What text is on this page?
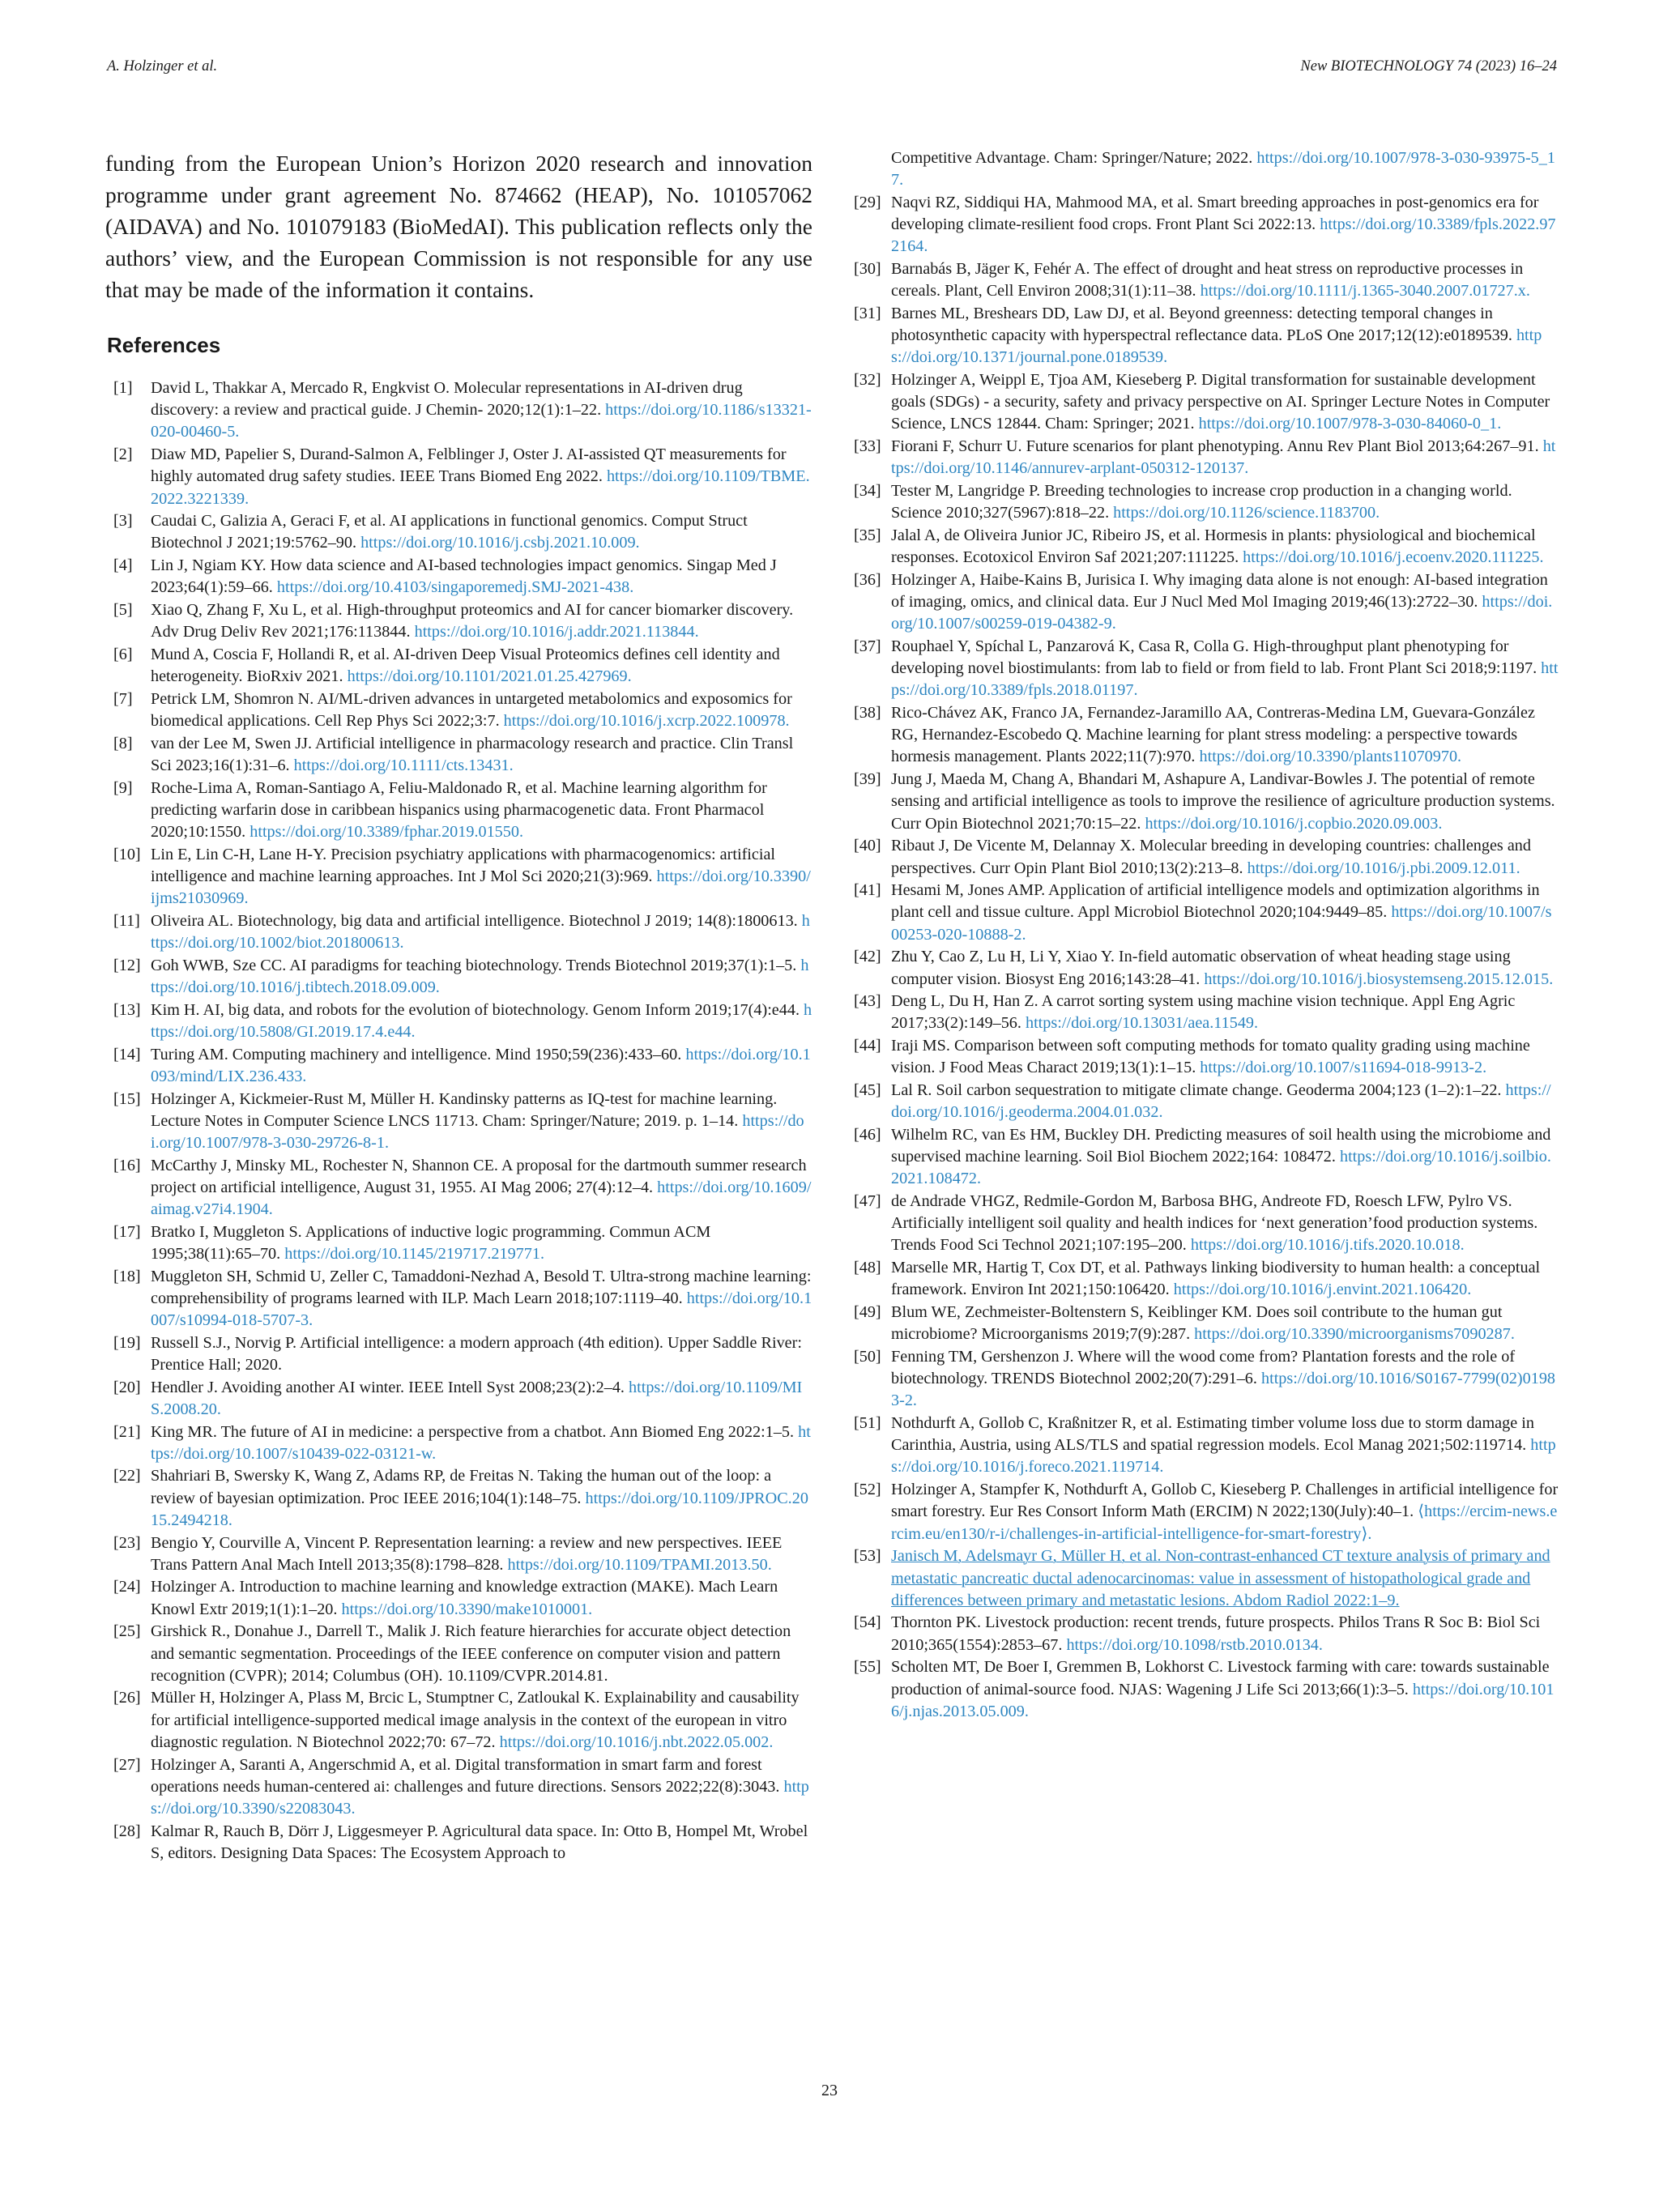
A. Holzinger et al.	New BIOTECHNOLOGY 74 (2023) 16–24

funding from the European Union’s Horizon 2020 research and innovation programme under grant agreement No. 874662 (HEAP), No. 101057062 (AIDAVA) and No. 101079183 (BioMedAI). This publication reflects only the authors’ view, and the European Commission is not responsible for any use that may be made of the information it contains.

References
[1] David L, Thakkar A, Mercado R, Engkvist O. Molecular representations in AI-driven drug discovery: a review and practical guide. J Chemin- 2020;12(1):1–22. https://doi.org/10.1186/s13321-020-00460-5.
[2] Diaw MD, Papelier S, Durand-Salmon A, Felblinger J, Oster J. AI-assisted QT measurements for highly automated drug safety studies. IEEE Trans Biomed Eng 2022. https://doi.org/10.1109/TBME.2022.3221339.
[3] Caudai C, Galizia A, Geraci F, et al. AI applications in functional genomics. Comput Struct Biotechnol J 2021;19:5762–90. https://doi.org/10.1016/j.csbj.2021.10.009.
[4] Lin J, Ngiam KY. How data science and AI-based technologies impact genomics. Singap Med J 2023;64(1):59–66. https://doi.org/10.4103/singaporemedj.SMJ-2021-438.
[5] Xiao Q, Zhang F, Xu L, et al. High-throughput proteomics and AI for cancer biomarker discovery. Adv Drug Deliv Rev 2021;176:113844. https://doi.org/10.1016/j.addr.2021.113844.
[6] Mund A, Coscia F, Hollandi R, et al. AI-driven Deep Visual Proteomics defines cell identity and heterogeneity. BioRxiv 2021. https://doi.org/10.1101/2021.01.25.427969.
[7] Petrick LM, Shomron N. AI/ML-driven advances in untargeted metabolomics and exposomics for biomedical applications. Cell Rep Phys Sci 2022;3:7. https://doi.org/10.1016/j.xcrp.2022.100978.
[8] van der Lee M, Swen JJ. Artificial intelligence in pharmacology research and practice. Clin Transl Sci 2023;16(1):31–6. https://doi.org/10.1111/cts.13431.
[9] Roche-Lima A, Roman-Santiago A, Feliu-Maldonado R, et al. Machine learning algorithm for predicting warfarin dose in caribbean hispanics using pharmacogenetic data. Front Pharmacol 2020;10:1550. https://doi.org/10.3389/fphar.2019.01550.
[10] Lin E, Lin C-H, Lane H-Y. Precision psychiatry applications with pharmacogenomics: artificial intelligence and machine learning approaches. Int J Mol Sci 2020;21(3):969. https://doi.org/10.3390/ijms21030969.
[11] Oliveira AL. Biotechnology, big data and artificial intelligence. Biotechnol J 2019; 14(8):1800613. https://doi.org/10.1002/biot.201800613.
[12] Goh WWB, Sze CC. AI paradigms for teaching biotechnology. Trends Biotechnol 2019;37(1):1–5. https://doi.org/10.1016/j.tibtech.2018.09.009.
[13] Kim H. AI, big data, and robots for the evolution of biotechnology. Genom Inform 2019;17(4):e44. https://doi.org/10.5808/GI.2019.17.4.e44.
[14] Turing AM. Computing machinery and intelligence. Mind 1950;59(236):433–60. https://doi.org/10.1093/mind/LIX.236.433.
[15] Holzinger A, Kickmeier-Rust M, Müller H. Kandinsky patterns as IQ-test for machine learning. Lecture Notes in Computer Science LNCS 11713. Cham: Springer/Nature; 2019. p. 1–14. https://doi.org/10.1007/978-3-030-29726-8-1.
[16] McCarthy J, Minsky ML, Rochester N, Shannon CE. A proposal for the dartmouth summer research project on artificial intelligence, August 31, 1955. AI Mag 2006; 27(4):12–4. https://doi.org/10.1609/aimag.v27i4.1904.
[17] Bratko I, Muggleton S. Applications of inductive logic programming. Commun ACM 1995;38(11):65–70. https://doi.org/10.1145/219717.219771.
[18] Muggleton SH, Schmid U, Zeller C, Tamaddoni-Nezhad A, Besold T. Ultra-strong machine learning: comprehensibility of programs learned with ILP. Mach Learn 2018;107:1119–40. https://doi.org/10.1007/s10994-018-5707-3.
[19] Russell S.J., Norvig P. Artificial intelligence: a modern approach (4th edition). Upper Saddle River: Prentice Hall; 2020.
[20] Hendler J. Avoiding another AI winter. IEEE Intell Syst 2008;23(2):2–4. https://doi.org/10.1109/MIS.2008.20.
[21] King MR. The future of AI in medicine: a perspective from a chatbot. Ann Biomed Eng 2022:1–5. https://doi.org/10.1007/s10439-022-03121-w.
[22] Shahriari B, Swersky K, Wang Z, Adams RP, de Freitas N. Taking the human out of the loop: a review of bayesian optimization. Proc IEEE 2016;104(1):148–75. https://doi.org/10.1109/JPROC.2015.2494218.
[23] Bengio Y, Courville A, Vincent P. Representation learning: a review and new perspectives. IEEE Trans Pattern Anal Mach Intell 2013;35(8):1798–828. https://doi.org/10.1109/TPAMI.2013.50.
[24] Holzinger A. Introduction to machine learning and knowledge extraction (MAKE). Mach Learn Knowl Extr 2019;1(1):1–20. https://doi.org/10.3390/make1010001.
[25] Girshick R., Donahue J., Darrell T., Malik J. Rich feature hierarchies for accurate object detection and semantic segmentation. Proceedings of the IEEE conference on computer vision and pattern recognition (CVPR); 2014; Columbus (OH). 10.1109/CVPR.2014.81.
[26] Müller H, Holzinger A, Plass M, Brcic L, Stumptner C, Zatloukal K. Explainability and causability for artificial intelligence-supported medical image analysis in the context of the european in vitro diagnostic regulation. N Biotechnol 2022;70: 67–72. https://doi.org/10.1016/j.nbt.2022.05.002.
[27] Holzinger A, Saranti A, Angerschmid A, et al. Digital transformation in smart farm and forest operations needs human-centered ai: challenges and future directions. Sensors 2022;22(8):3043. https://doi.org/10.3390/s22083043.
[28] Kalmar R, Rauch B, Dörr J, Liggesmeyer P. Agricultural data space. In: Otto B, Hompel Mt, Wrobel S, editors. Designing Data Spaces: The Ecosystem Approach to
Competitive Advantage. Cham: Springer/Nature; 2022. https://doi.org/10.1007/978-3-030-93975-5_17.
[29] Naqvi RZ, Siddiqui HA, Mahmood MA, et al. Smart breeding approaches in post-genomics era for developing climate-resilient food crops. Front Plant Sci 2022:13. https://doi.org/10.3389/fpls.2022.972164.
[30] Barnabás B, Jäger K, Fehér A. The effect of drought and heat stress on reproductive processes in cereals. Plant, Cell Environ 2008;31(1):11–38. https://doi.org/10.1111/j.1365-3040.2007.01727.x.
[31] Barnes ML, Breshears DD, Law DJ, et al. Beyond greenness: detecting temporal changes in photosynthetic capacity with hyperspectral reflectance data. PLoS One 2017;12(12):e0189539. https://doi.org/10.1371/journal.pone.0189539.
[32] Holzinger A, Weippl E, Tjoa AM, Kieseberg P. Digital transformation for sustainable development goals (SDGs) - a security, safety and privacy perspective on AI. Springer Lecture Notes in Computer Science, LNCS 12844. Cham: Springer; 2021. https://doi.org/10.1007/978-3-030-84060-0_1.
[33] Fiorani F, Schurr U. Future scenarios for plant phenotyping. Annu Rev Plant Biol 2013;64:267–91. https://doi.org/10.1146/annurev-arplant-050312-120137.
[34] Tester M, Langridge P. Breeding technologies to increase crop production in a changing world. Science 2010;327(5967):818–22. https://doi.org/10.1126/science.1183700.
[35] Jalal A, de Oliveira Junior JC, Ribeiro JS, et al. Hormesis in plants: physiological and biochemical responses. Ecotoxicol Environ Saf 2021;207:111225. https://doi.org/10.1016/j.ecoenv.2020.111225.
[36] Holzinger A, Haibe-Kains B, Jurisica I. Why imaging data alone is not enough: AI-based integration of imaging, omics, and clinical data. Eur J Nucl Med Mol Imaging 2019;46(13):2722–30. https://doi.org/10.1007/s00259-019-04382-9.
[37] Rouphael Y, Spíchal L, Panzarová K, Casa R, Colla G. High-throughput plant phenotyping for developing novel biostimulants: from lab to field or from field to lab. Front Plant Sci 2018;9:1197. https://doi.org/10.3389/fpls.2018.01197.
[38] Rico-Chávez AK, Franco JA, Fernandez-Jaramillo AA, Contreras-Medina LM, Guevara-González RG, Hernandez-Escobedo Q. Machine learning for plant stress modeling: a perspective towards hormesis management. Plants 2022;11(7):970. https://doi.org/10.3390/plants11070970.
[39] Jung J, Maeda M, Chang A, Bhandari M, Ashapure A, Landivar-Bowles J. The potential of remote sensing and artificial intelligence as tools to improve the resilience of agriculture production systems. Curr Opin Biotechnol 2021;70:15–22. https://doi.org/10.1016/j.copbio.2020.09.003.
[40] Ribaut J, De Vicente M, Delannay X. Molecular breeding in developing countries: challenges and perspectives. Curr Opin Plant Biol 2010;13(2):213–8. https://doi.org/10.1016/j.pbi.2009.12.011.
[41] Hesami M, Jones AMP. Application of artificial intelligence models and optimization algorithms in plant cell and tissue culture. Appl Microbiol Biotechnol 2020;104:9449–85. https://doi.org/10.1007/s00253-020-10888-2.
[42] Zhu Y, Cao Z, Lu H, Li Y, Xiao Y. In-field automatic observation of wheat heading stage using computer vision. Biosyst Eng 2016;143:28–41. https://doi.org/10.1016/j.biosystemseng.2015.12.015.
[43] Deng L, Du H, Han Z. A carrot sorting system using machine vision technique. Appl Eng Agric 2017;33(2):149–56. https://doi.org/10.13031/aea.11549.
[44] Iraji MS. Comparison between soft computing methods for tomato quality grading using machine vision. J Food Meas Charact 2019;13(1):1–15. https://doi.org/10.1007/s11694-018-9913-2.
[45] Lal R. Soil carbon sequestration to mitigate climate change. Geoderma 2004;123 (1–2):1–22. https://doi.org/10.1016/j.geoderma.2004.01.032.
[46] Wilhelm RC, van Es HM, Buckley DH. Predicting measures of soil health using the microbiome and supervised machine learning. Soil Biol Biochem 2022;164: 108472. https://doi.org/10.1016/j.soilbio.2021.108472.
[47] de Andrade VHGZ, Redmile-Gordon M, Barbosa BHG, Andreote FD, Roesch LFW, Pylro VS. Artificially intelligent soil quality and health indices for ‘next generation’food production systems. Trends Food Sci Technol 2021;107:195–200. https://doi.org/10.1016/j.tifs.2020.10.018.
[48] Marselle MR, Hartig T, Cox DT, et al. Pathways linking biodiversity to human health: a conceptual framework. Environ Int 2021;150:106420. https://doi.org/10.1016/j.envint.2021.106420.
[49] Blum WE, Zechmeister-Boltenstern S, Keiblinger KM. Does soil contribute to the human gut microbiome? Microorganisms 2019;7(9):287. https://doi.org/10.3390/microorganisms7090287.
[50] Fenning TM, Gershenzon J. Where will the wood come from? Plantation forests and the role of biotechnology. TRENDS Biotechnol 2002;20(7):291–6. https://doi.org/10.1016/S0167-7799(02)01983-2.
[51] Nothdurft A, Gollob C, Kraßnitzer R, et al. Estimating timber volume loss due to storm damage in Carinthia, Austria, using ALS/TLS and spatial regression models. Ecol Manag 2021;502:119714. https://doi.org/10.1016/j.foreco.2021.119714.
[52] Holzinger A, Stampfer K, Nothdurft A, Gollob C, Kieseberg P. Challenges in artificial intelligence for smart forestry. Eur Res Consort Inform Math (ERCIM) N 2022;130(July):40–1. ⟨https://ercim-news.ercim.eu/en130/r-i/challenges-in-artificial-intelligence-for-smart-forestry⟩.
[53] Janisch M, Adelsmayr G, Müller H, et al. Non-contrast-enhanced CT texture analysis of primary and metastatic pancreatic ductal adenocarcinomas: value in assessment of histopathological grade and differences between primary and metastatic lesions. Abdom Radiol 2022:1–9.
[54] Thornton PK. Livestock production: recent trends, future prospects. Philos Trans R Soc B: Biol Sci 2010;365(1554):2853–67. https://doi.org/10.1098/rstb.2010.0134.
[55] Scholten MT, De Boer I, Gremmen B, Lokhorst C. Livestock farming with care: towards sustainable production of animal-source food. NJAS: Wagening J Life Sci 2013;66(1):3–5. https://doi.org/10.1016/j.njas.2013.05.009.
23
